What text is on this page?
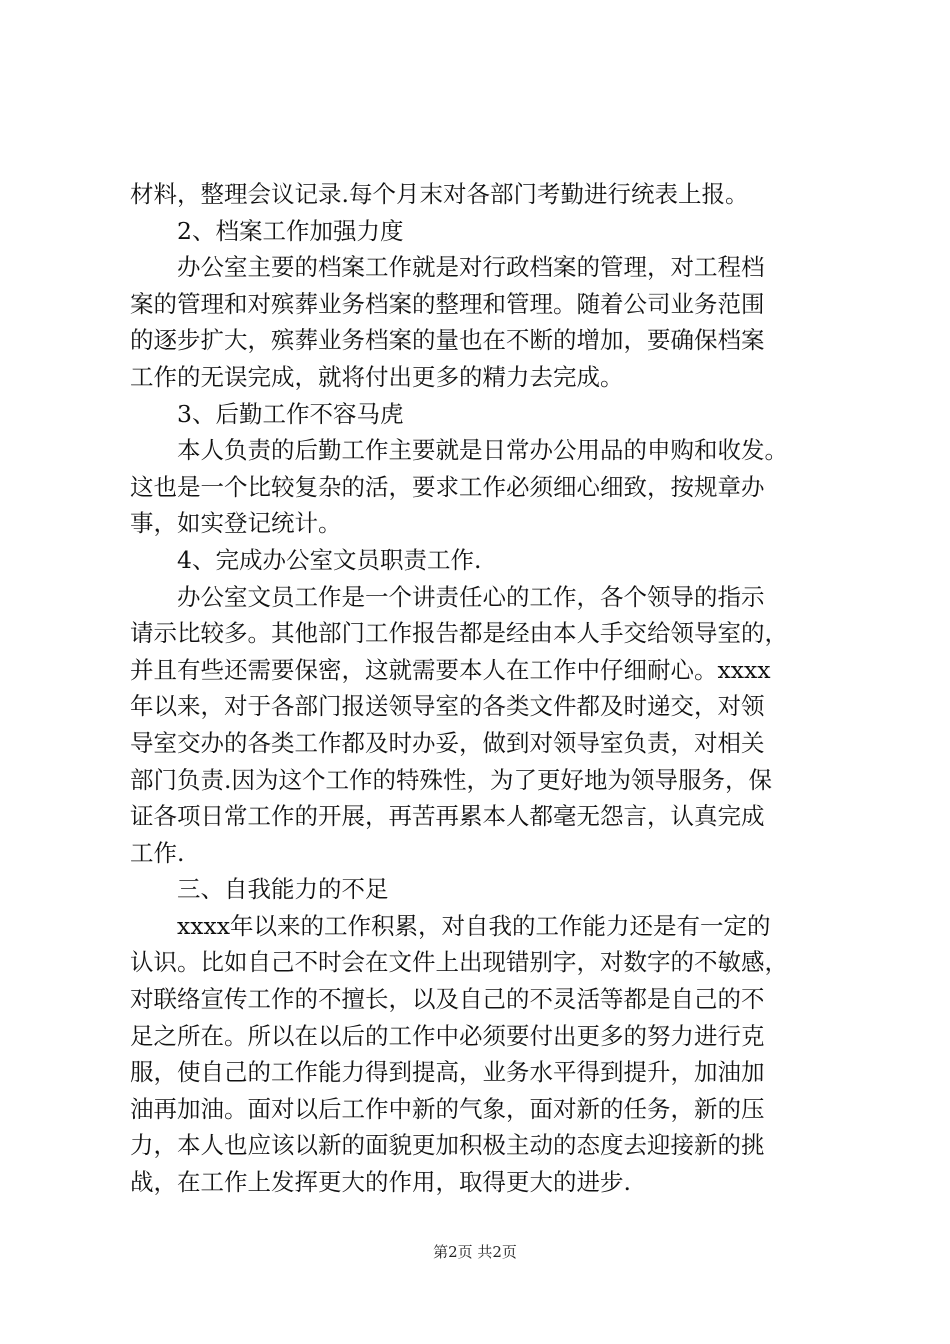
材料，整理会议记录.每个月末对各部门考勤进行统表上报。
2、档案工作加强力度
办公室主要的档案工作就是对行政档案的管理，对工程档
案的管理和对殡葬业务档案的整理和管理。随着公司业务范围
的逐步扩大，殡葬业务档案的量也在不断的增加，要确保档案
工作的无误完成，就将付出更多的精力去完成。
3、后勤工作不容马虎
本人负责的后勤工作主要就是日常办公用品的申购和收发。
这也是一个比较复杂的活，要求工作必须细心细致，按规章办
事，如实登记统计。
4、完成办公室文员职责工作.
办公室文员工作是一个讲责任心的工作，各个领导的指示
请示比较多。其他部门工作报告都是经由本人手交给领导室的，
并且有些还需要保密，这就需要本人在工作中仔细耐心。xxxx
年以来，对于各部门报送领导室的各类文件都及时递交，对领
导室交办的各类工作都及时办妥，做到对领导室负责，对相关
部门负责.因为这个工作的特殊性，为了更好地为领导服务，保
证各项日常工作的开展，再苦再累本人都毫无怨言，认真完成
工作.
三、自我能力的不足
xxxx年以来的工作积累，对自我的工作能力还是有一定的
认识。比如自己不时会在文件上出现错别字，对数字的不敏感，
对联络宣传工作的不擅长，以及自己的不灵活等都是自己的不
足之所在。所以在以后的工作中必须要付出更多的努力进行克
服，使自己的工作能力得到提高，业务水平得到提升，加油加
油再加油。面对以后工作中新的气象，面对新的任务，新的压
力，本人也应该以新的面貌更加积极主动的态度去迎接新的挑
战，在工作上发挥更大的作用，取得更大的进步.
第2页 共2页
